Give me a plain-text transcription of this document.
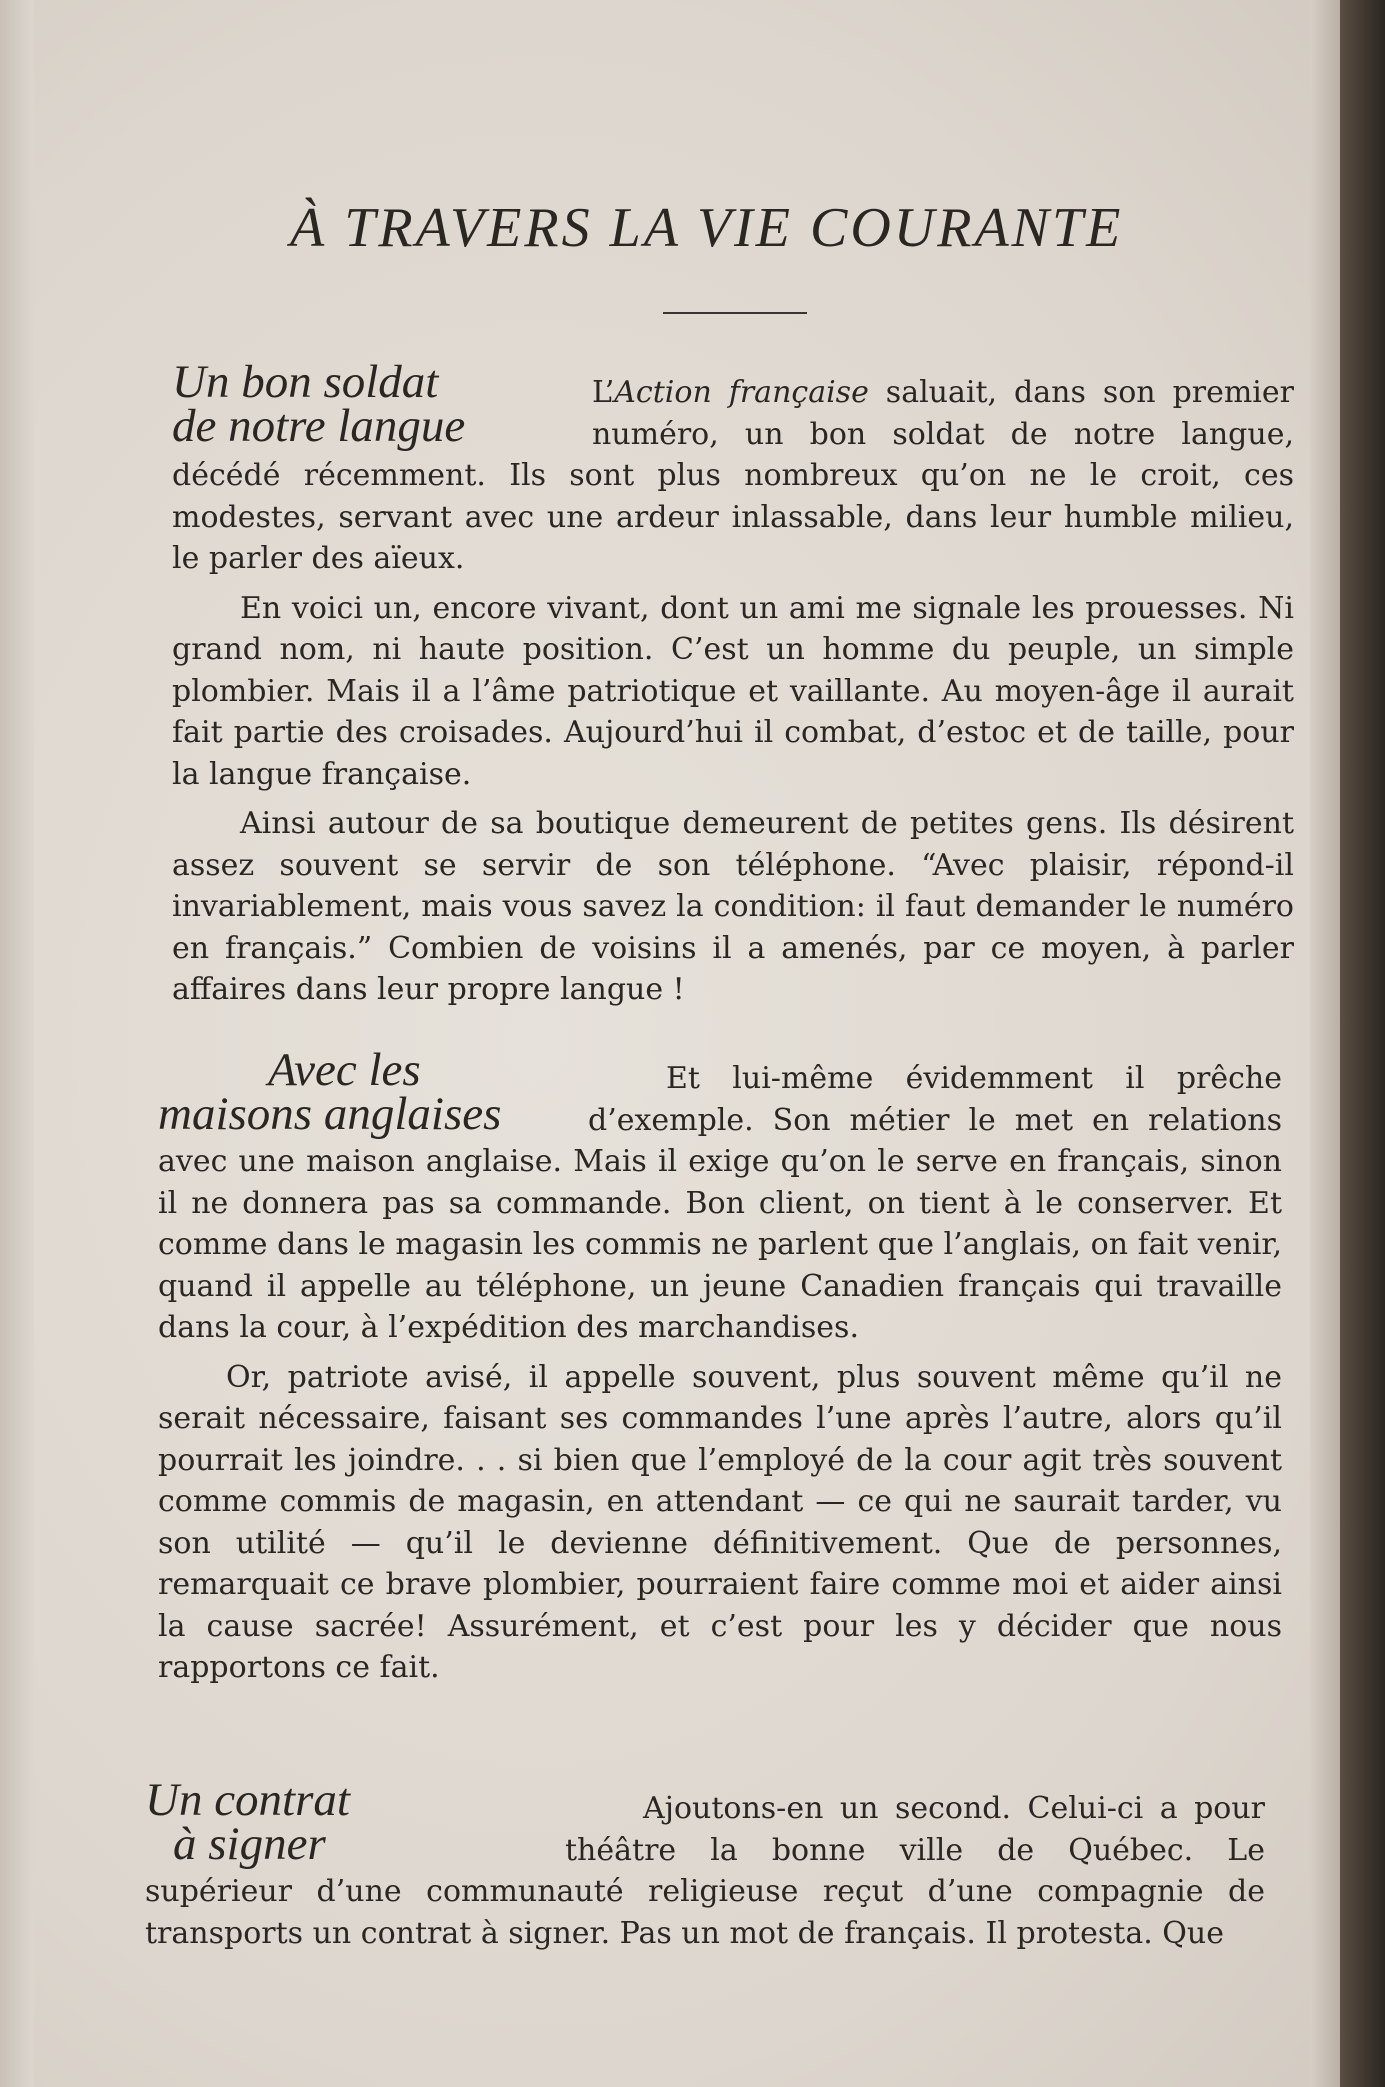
À TRAVERS LA VIE COURANTE
Un bon soldat
de notre langue

L’Action française saluait, dans son premier numéro, un bon soldat de notre langue, décédé récemment. Ils sont plus nombreux qu’on ne le croit, ces modestes, servant avec une ardeur inlassable, dans leur humble milieu, le parler des aïeux.

En voici un, encore vivant, dont un ami me signale les prouesses. Ni grand nom, ni haute position. C’est un homme du peuple, un simple plombier. Mais il a l’âme patriotique et vaillante. Au moyen-âge il aurait fait partie des croisades. Aujourd’hui il combat, d’estoc et de taille, pour la langue française.

Ainsi autour de sa boutique demeurent de petites gens. Ils désirent assez souvent se servir de son téléphone. “Avec plaisir, répond-il invariablement, mais vous savez la condition: il faut demander le numéro en français.” Combien de voisins il a amenés, par ce moyen, à parler affaires dans leur propre langue !

Avec les
maisons anglaises

Et lui-même évidemment il prêche d’exemple. Son métier le met en relations avec une maison anglaise. Mais il exige qu’on le serve en français, sinon il ne donnera pas sa commande. Bon client, on tient à le conserver. Et comme dans le magasin les commis ne parlent que l’anglais, on fait venir, quand il appelle au téléphone, un jeune Canadien français qui travaille dans la cour, à l’expédition des marchandises.

Or, patriote avisé, il appelle souvent, plus souvent même qu’il ne serait nécessaire, faisant ses commandes l’une après l’autre, alors qu’il pourrait les joindre. . . si bien que l’employé de la cour agit très souvent comme commis de magasin, en attendant — ce qui ne saurait tarder, vu son utilité — qu’il le devienne définitivement. Que de personnes, remarquait ce brave plombier, pourraient faire comme moi et aider ainsi la cause sacrée! Assurément, et c’est pour les y décider que nous rapportons ce fait.

Un contrat
à signer

Ajoutons-en un second. Celui-ci a pour théâtre la bonne ville de Québec. Le supérieur d’une communauté religieuse reçut d’une compagnie de transports un contrat à signer. Pas un mot de français. Il protesta. Que
